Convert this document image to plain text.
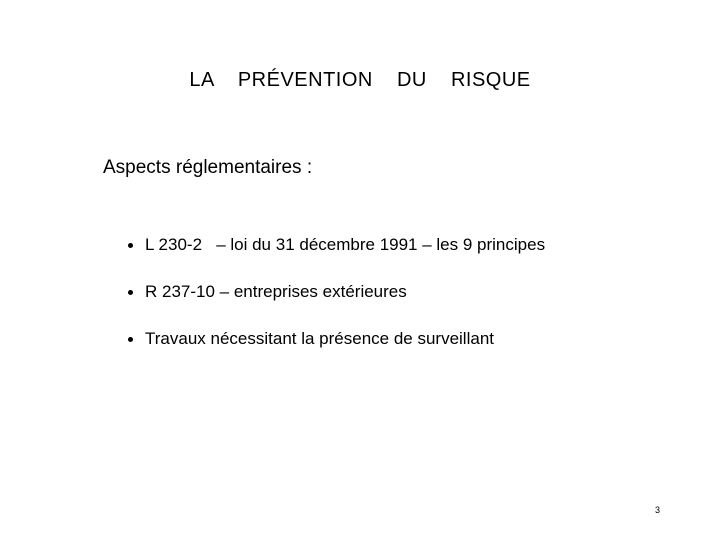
LA  PRÉVENTION  DU  RISQUE
Aspects réglementaires :
L 230-2   – loi du 31 décembre 1991 – les 9 principes
R 237-10 – entreprises extérieures
Travaux nécessitant la présence de surveillant
3
